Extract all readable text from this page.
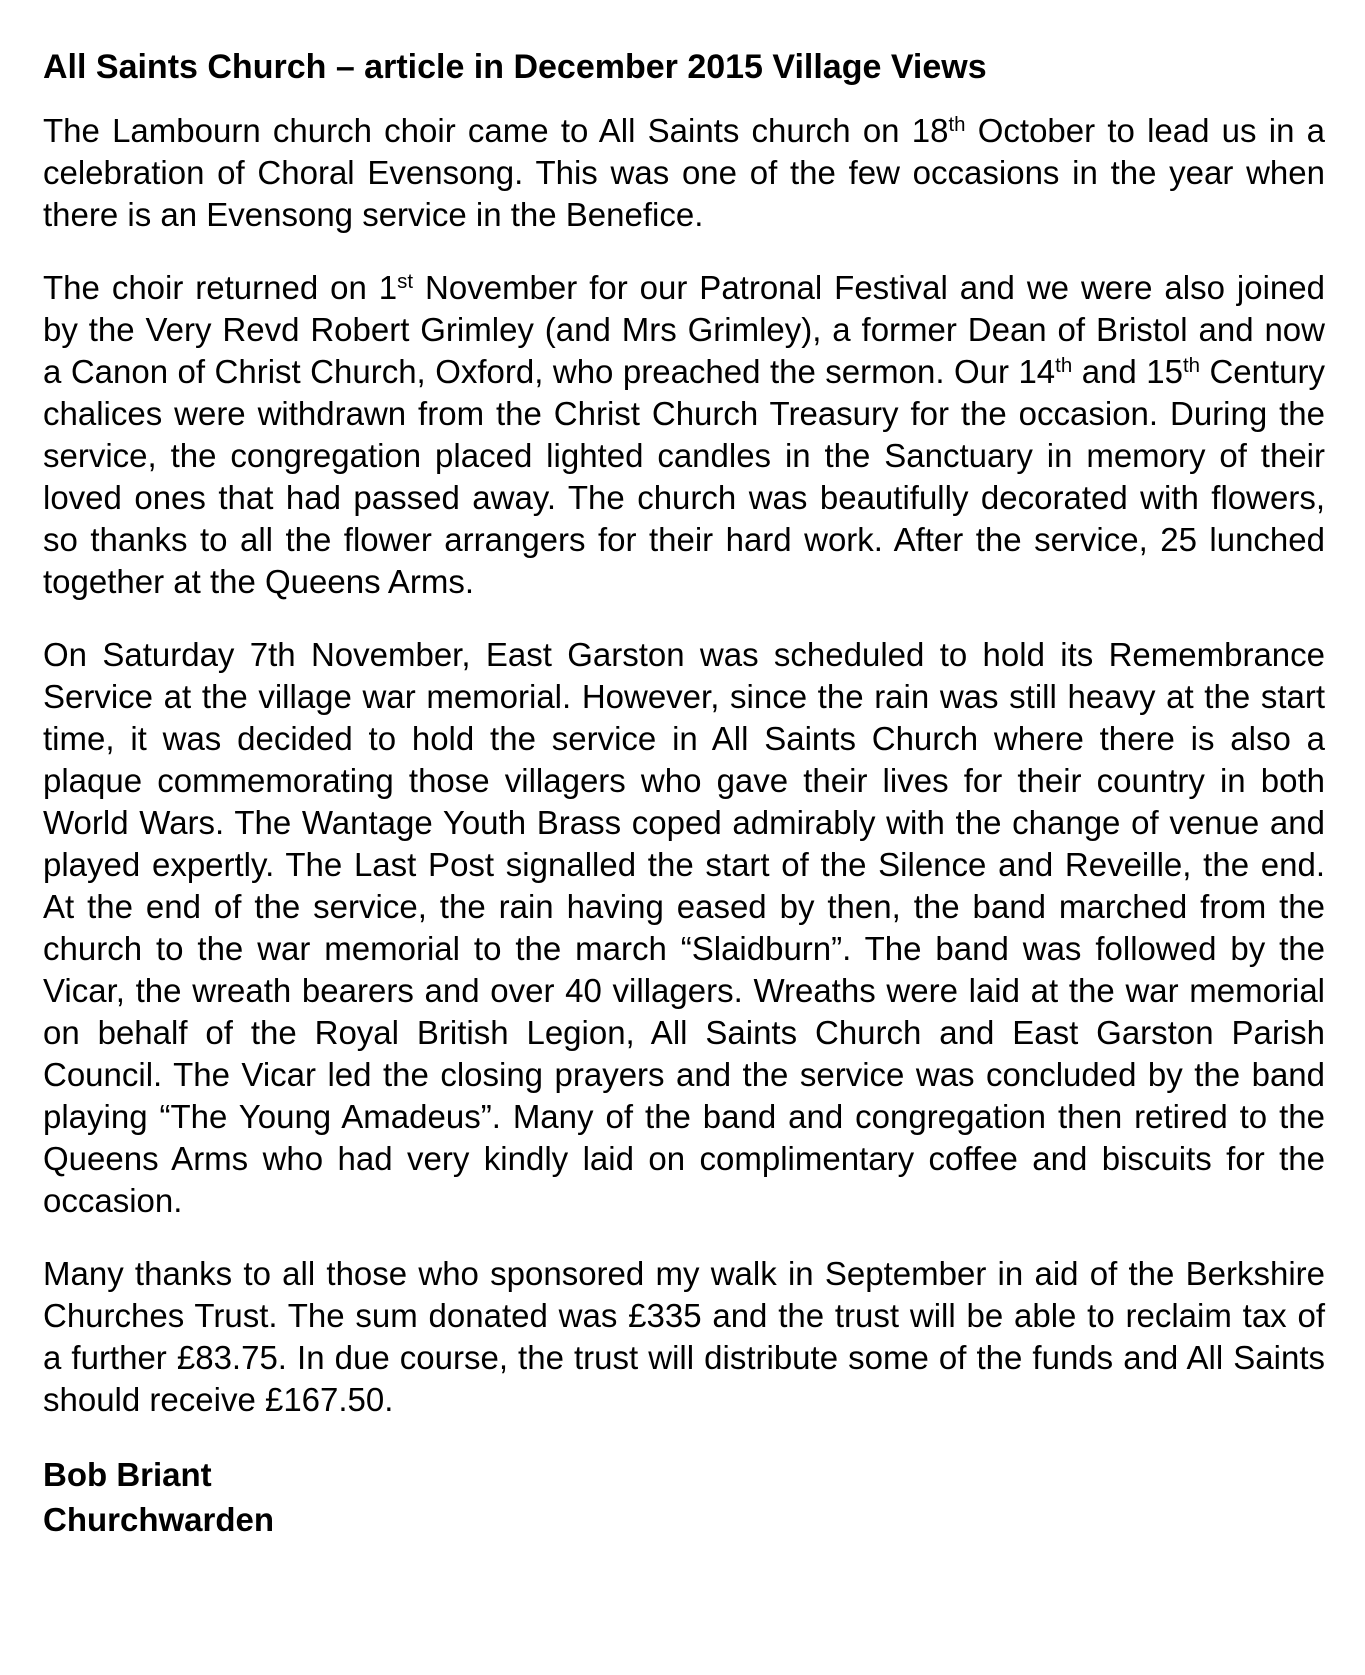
All Saints Church – article in December 2015 Village Views

The Lambourn church choir came to All Saints church on 18th October to lead us in a celebration of Choral Evensong. This was one of the few occasions in the year when there is an Evensong service in the Benefice.

The choir returned on 1st November for our Patronal Festival and we were also joined by the Very Revd Robert Grimley (and Mrs Grimley), a former Dean of Bristol and now a Canon of Christ Church, Oxford, who preached the sermon. Our 14th and 15th Century chalices were withdrawn from the Christ Church Treasury for the occasion. During the service, the congregation placed lighted candles in the Sanctuary in memory of their loved ones that had passed away. The church was beautifully decorated with flowers, so thanks to all the flower arrangers for their hard work. After the service, 25 lunched together at the Queens Arms.

On Saturday 7th November, East Garston was scheduled to hold its Remembrance Service at the village war memorial. However, since the rain was still heavy at the start time, it was decided to hold the service in All Saints Church where there is also a plaque commemorating those villagers who gave their lives for their country in both World Wars. The Wantage Youth Brass coped admirably with the change of venue and played expertly. The Last Post signalled the start of the Silence and Reveille, the end. At the end of the service, the rain having eased by then, the band marched from the church to the war memorial to the march “Slaidburn”. The band was followed by the Vicar, the wreath bearers and over 40 villagers. Wreaths were laid at the war memorial on behalf of the Royal British Legion, All Saints Church and East Garston Parish Council. The Vicar led the closing prayers and the service was concluded by the band playing “The Young Amadeus”. Many of the band and congregation then retired to the Queens Arms who had very kindly laid on complimentary coffee and biscuits for the occasion.

Many thanks to all those who sponsored my walk in September in aid of the Berkshire Churches Trust. The sum donated was £335 and the trust will be able to reclaim tax of a further £83.75. In due course, the trust will distribute some of the funds and All Saints should receive £167.50.

Bob Briant
Churchwarden
